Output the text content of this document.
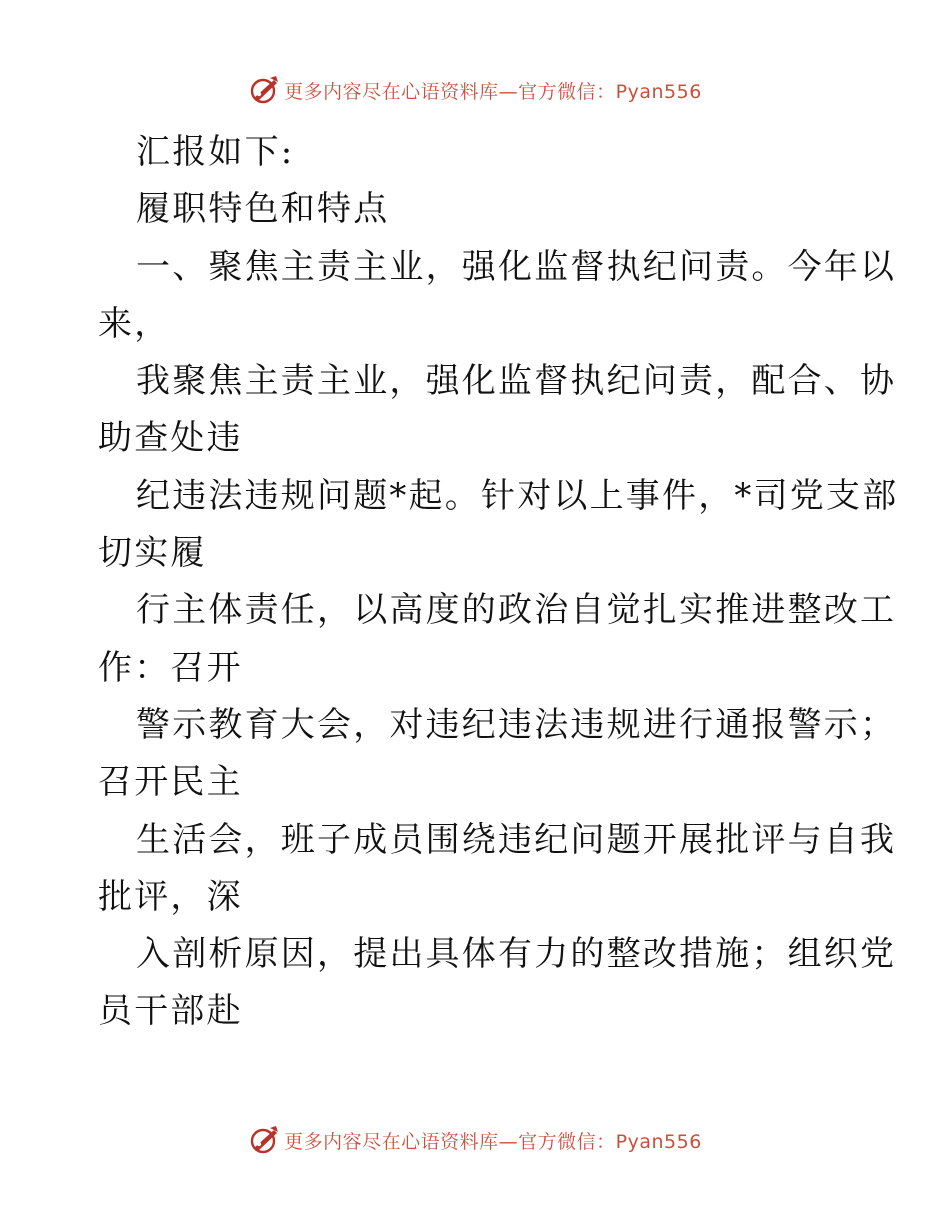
更多内容尽在心语资料库—官方微信：Pyan556
汇报如下:
履职特色和特点
一、聚焦主责主业，强化监督执纪问责。今年以
来，
我聚焦主责主业，强化监督执纪问责，配合、协
助查处违
纪违法违规问题*起。针对以上事件，*司党支部
切实履
行主体责任，以高度的政治自觉扎实推进整改工
作：召开
警示教育大会，对违纪违法违规进行通报警示；
召开民主
生活会，班子成员围绕违纪问题开展批评与自我
批评，深
入剖析原因，提出具体有力的整改措施；组织党
员干部赴
更多内容尽在心语资料库—官方微信：Pyan556
